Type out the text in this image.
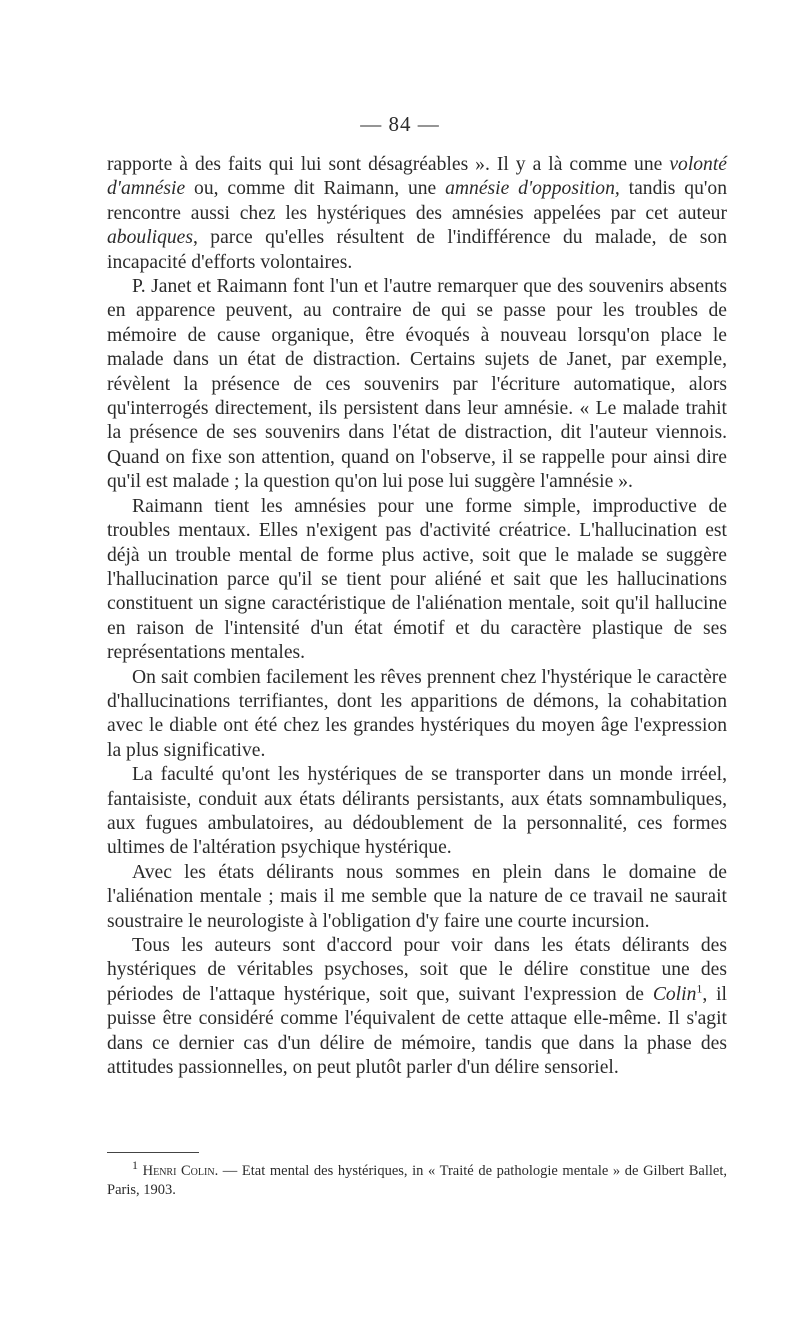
— 84 —

rapporte à des faits qui lui sont désagréables ». Il y a là comme une volonté d'amnésie ou, comme dit Raimann, une amnésie d'opposition, tandis qu'on rencontre aussi chez les hystériques des amnésies appelées par cet auteur abouliques, parce qu'elles résultent de l'indifférence du malade, de son incapacité d'efforts volontaires.

P. Janet et Raimann font l'un et l'autre remarquer que des souvenirs absents en apparence peuvent, au contraire de qui se passe pour les troubles de mémoire de cause organique, être évoqués à nouveau lorsqu'on place le malade dans un état de distraction. Certains sujets de Janet, par exemple, révèlent la présence de ces souvenirs par l'écriture automatique, alors qu'interrogés directement, ils persistent dans leur amnésie. « Le malade trahit la présence de ses souvenirs dans l'état de distraction, dit l'auteur viennois. Quand on fixe son attention, quand on l'observe, il se rappelle pour ainsi dire qu'il est malade ; la question qu'on lui pose lui suggère l'amnésie ».

Raimann tient les amnésies pour une forme simple, improductive de troubles mentaux. Elles n'exigent pas d'activité créatrice. L'hallucination est déjà un trouble mental de forme plus active, soit que le malade se suggère l'hallucination parce qu'il se tient pour aliéné et sait que les hallucinations constituent un signe caractéristique de l'aliénation mentale, soit qu'il hallucine en raison de l'intensité d'un état émotif et du caractère plastique de ses représentations mentales.

On sait combien facilement les rêves prennent chez l'hystérique le caractère d'hallucinations terrifiantes, dont les apparitions de démons, la cohabitation avec le diable ont été chez les grandes hystériques du moyen âge l'expression la plus significative.

La faculté qu'ont les hystériques de se transporter dans un monde irréel, fantaisiste, conduit aux états délirants persistants, aux états somnambuliques, aux fugues ambulatoires, au dédoublement de la personnalité, ces formes ultimes de l'altération psychique hystérique.

Avec les états délirants nous sommes en plein dans le domaine de l'aliénation mentale ; mais il me semble que la nature de ce travail ne saurait soustraire le neurologiste à l'obligation d'y faire une courte incursion.

Tous les auteurs sont d'accord pour voir dans les états délirants des hystériques de véritables psychoses, soit que le délire constitue une des périodes de l'attaque hystérique, soit que, suivant l'expression de Colin$^1$, il puisse être considéré comme l'équivalent de cette attaque elle-même. Il s'agit dans ce dernier cas d'un délire de mémoire, tandis que dans la phase des attitudes passionnelles, on peut plutôt parler d'un délire sensoriel.

$^1$ Henri Colin. — Etat mental des hystériques, in « Traité de pathologie mentale » de Gilbert Ballet, Paris, 1903.
